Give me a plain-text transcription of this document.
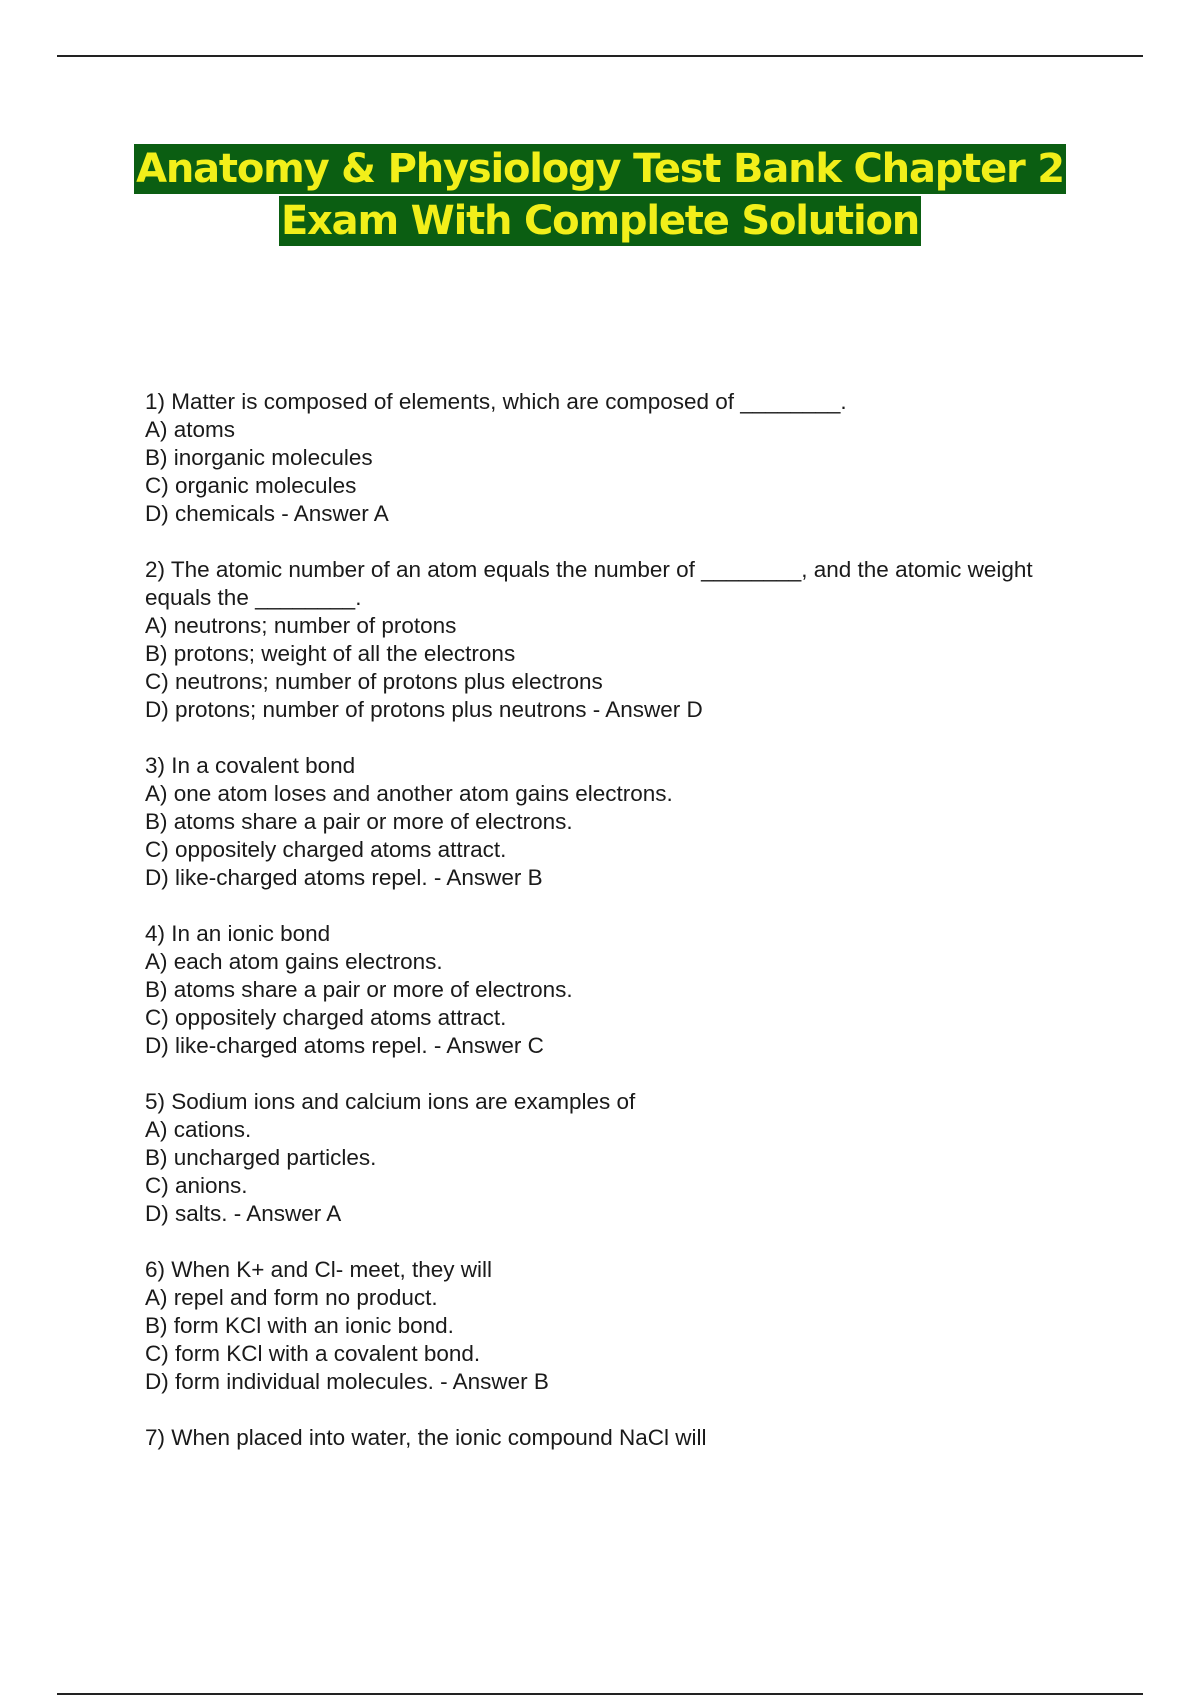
Anatomy & Physiology Test Bank Chapter 2
Exam With Complete Solution
1) Matter is composed of elements, which are composed of ________.
A) atoms
B) inorganic molecules
C) organic molecules
D) chemicals - Answer A
2) The atomic number of an atom equals the number of ________, and the atomic weight equals the ________.
A) neutrons; number of protons
B) protons; weight of all the electrons
C) neutrons; number of protons plus electrons
D) protons; number of protons plus neutrons - Answer D
3) In a covalent bond
A) one atom loses and another atom gains electrons.
B) atoms share a pair or more of electrons.
C) oppositely charged atoms attract.
D) like-charged atoms repel. - Answer B
4) In an ionic bond
A) each atom gains electrons.
B) atoms share a pair or more of electrons.
C) oppositely charged atoms attract.
D) like-charged atoms repel. - Answer C
5) Sodium ions and calcium ions are examples of
A) cations.
B) uncharged particles.
C) anions.
D) salts. - Answer A
6) When K+ and Cl- meet, they will
A) repel and form no product.
B) form KCl with an ionic bond.
C) form KCl with a covalent bond.
D) form individual molecules. - Answer B
7) When placed into water, the ionic compound NaCl will
